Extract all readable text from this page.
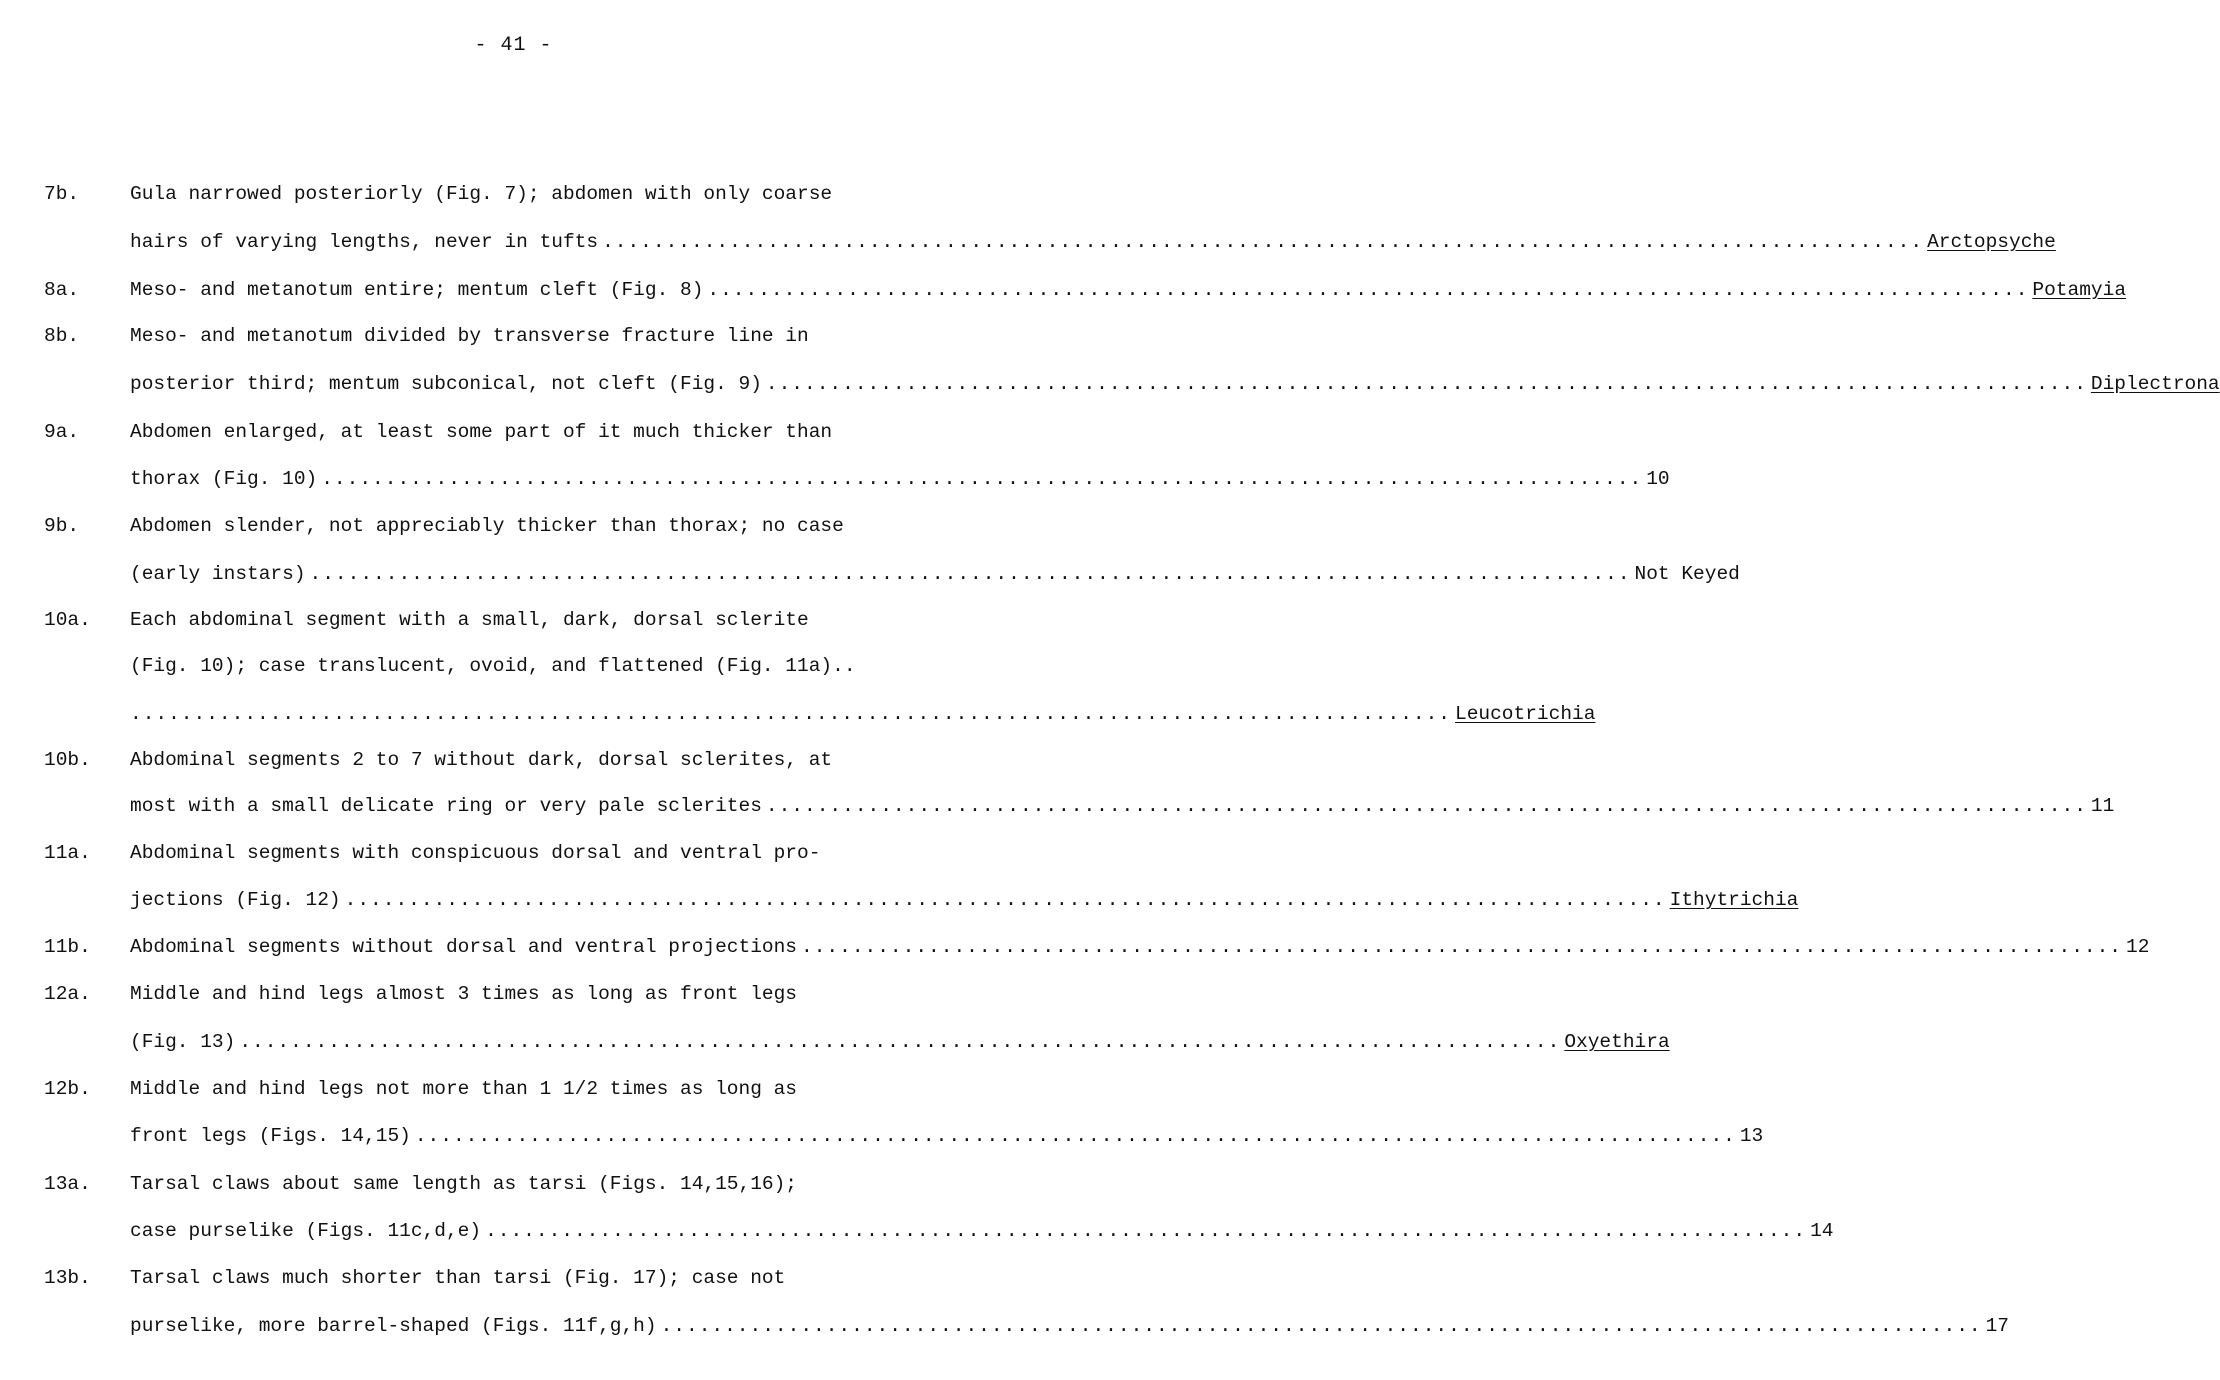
- 41 -
7b.	Gula narrowed posteriorly (Fig. 7); abdomen with only coarse
hairs of varying lengths, never in tufts ........................................................................................................ Arctopsyche
8a.	Meso- and metanotum entire; mentum cleft (Fig. 8) ........................................................................................................ Potamyia
8b.	Meso- and metanotum divided by transverse fracture line in
posterior third; mentum subconical, not cleft (Fig. 9) ........................................................................................................ Diplectrona
9a.	Abdomen enlarged, at least some part of it much thicker than
thorax (Fig. 10) ........................................................................................................ 10
9b.	Abdomen slender, not appreciably thicker than thorax; no case
(early instars) ........................................................................................................ Not Keyed
10a. Each abdominal segment with a small, dark, dorsal sclerite
(Fig. 10); case translucent, ovoid, and flattened (Fig. 11a)..
........................................................................................................ Leucotrichia
10b. Abdominal segments 2 to 7 without dark, dorsal sclerites, at
most with a small delicate ring or very pale sclerites ........................................................................................................ 11
11a. Abdominal segments with conspicuous dorsal and ventral pro-
jections (Fig. 12) ........................................................................................................ Ithytrichia
11b. Abdominal segments without dorsal and ventral projections ........................................................................................................ 12
12a. Middle and hind legs almost 3 times as long as front legs
(Fig. 13) ........................................................................................................ Oxyethira
12b. Middle and hind legs not more than 1 1/2 times as long as
front legs (Figs. 14,15) ........................................................................................................ 13
13a. Tarsal claws about same length as tarsi (Figs. 14,15,16);
case purselike (Figs. 11c,d,e) ........................................................................................................ 14
13b. Tarsal claws much shorter than tarsi (Fig. 17); case not
purselike, more barrel-shaped (Figs. 11f,g,h) ........................................................................................................ 17
